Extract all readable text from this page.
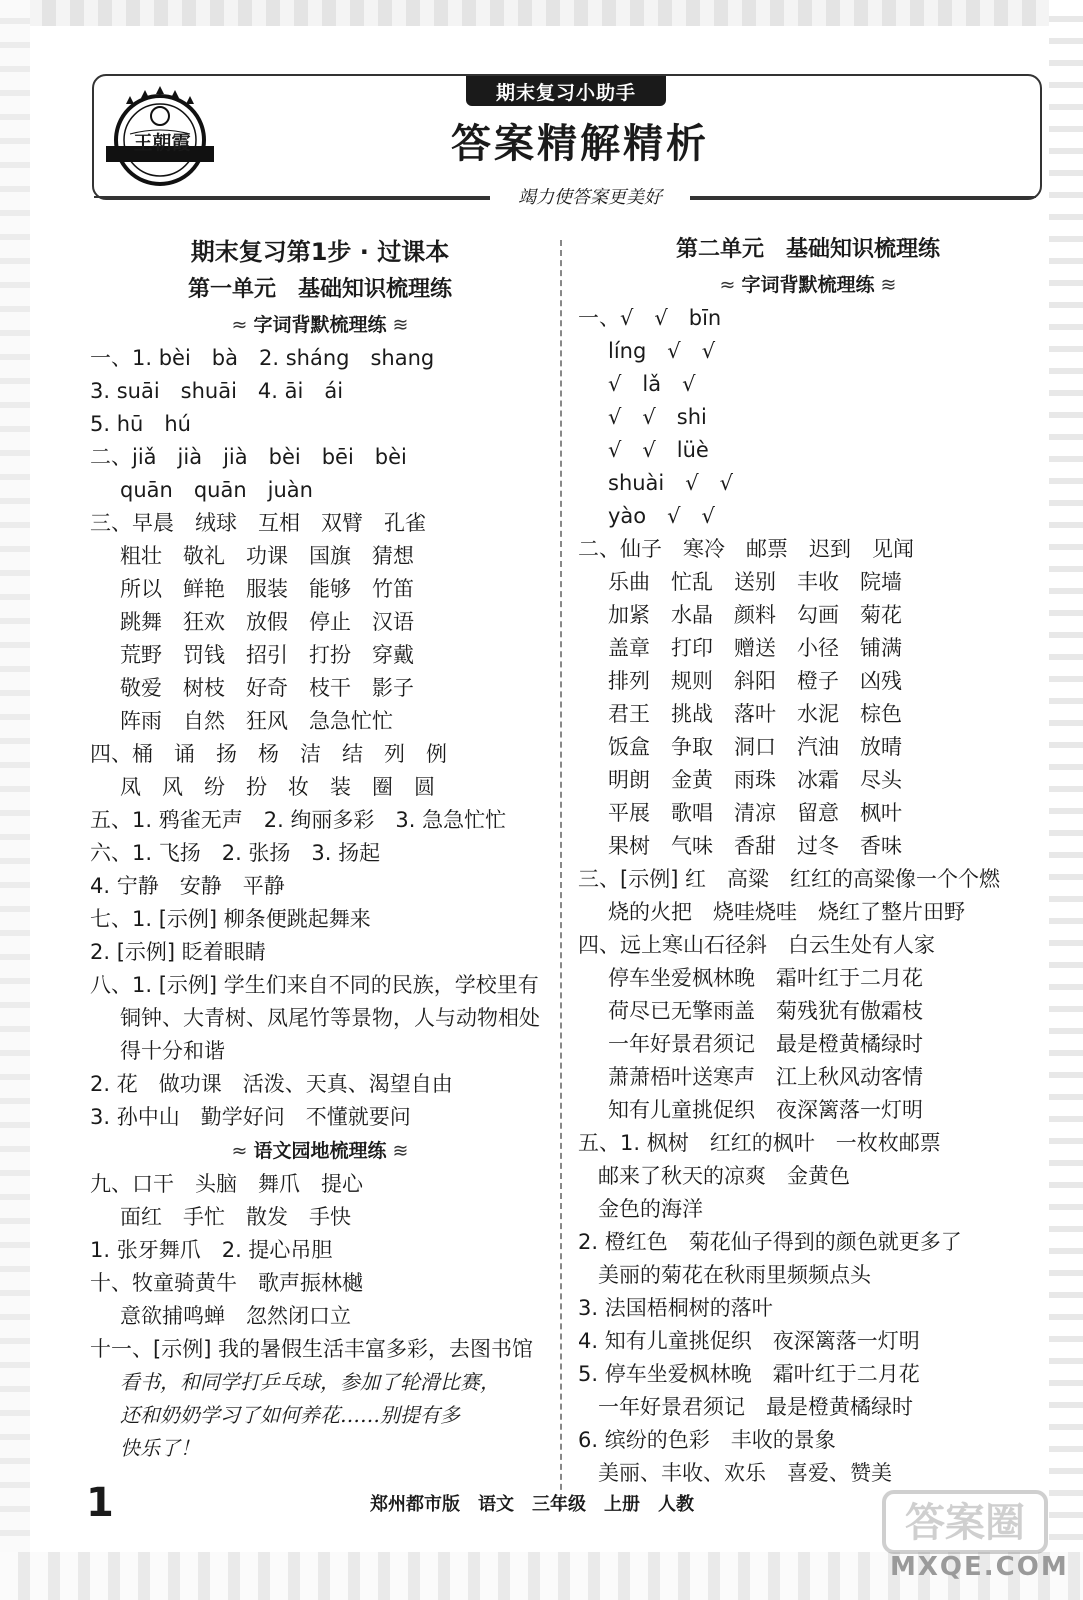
王朝霞
期末复习小助手
答案精解精析
竭力使答案更美好
期末复习第1步 · 过课本
第一单元　基础知识梳理练
≈ 字词背默梳理练 ≋
一、1. bèi　bà　2. sháng　shang
3. suāi　shuāi　4. āi　ái
5. hū　hú
二、jiǎ　jià　jià　bèi　bēi　bèi
quān　quān　juàn
三、早晨　绒球　互相　双臂　孔雀
粗壮　敬礼　功课　国旗　猜想
所以　鲜艳　服装　能够　竹笛
跳舞　狂欢　放假　停止　汉语
荒野　罚钱　招引　打扮　穿戴
敬爱　树枝　好奇　枝干　影子
阵雨　自然　狂风　急急忙忙
四、桶　诵　扬　杨　洁　结　列　例
凤　风　纷　扮　妆　装　圈　圆
五、1. 鸦雀无声　2. 绚丽多彩　3. 急急忙忙
六、1. 飞扬　2. 张扬　3. 扬起
4. 宁静　安静　平静
七、1. [示例] 柳条便跳起舞来
2. [示例] 眨着眼睛
八、1. [示例] 学生们来自不同的民族，学校里有
铜钟、大青树、凤尾竹等景物，人与动物相处
得十分和谐
2. 花　做功课　活泼、天真、渴望自由
3. 孙中山　勤学好问　不懂就要问
≈ 语文园地梳理练 ≋
九、口干　头脑　舞爪　提心
面红　手忙　散发　手快
1. 张牙舞爪　2. 提心吊胆
十、牧童骑黄牛　歌声振林樾
意欲捕鸣蝉　忽然闭口立
十一、[示例] 我的暑假生活丰富多彩，去图书馆
看书，和同学打乒乓球，参加了轮滑比赛，
还和奶奶学习了如何养花……别提有多
快乐了！
第二单元　基础知识梳理练
≈ 字词背默梳理练 ≋
一、√　√　bīn
líng　√　√
√　lǎ　√
√　√　shi
√　√　lüè
shuài　√　√
yào　√　√
二、仙子　寒冷　邮票　迟到　见闻
乐曲　忙乱　送别　丰收　院墙
加紧　水晶　颜料　勾画　菊花
盖章　打印　赠送　小径　铺满
排列　规则　斜阳　橙子　凶残
君王　挑战　落叶　水泥　棕色
饭盒　争取　洞口　汽油　放晴
明朗　金黄　雨珠　冰霜　尽头
平展　歌唱　清凉　留意　枫叶
果树　气味　香甜　过冬　香味
三、[示例] 红　高粱　红红的高粱像一个个燃
烧的火把　烧哇烧哇　烧红了整片田野
四、远上寒山石径斜　白云生处有人家
停车坐爱枫林晚　霜叶红于二月花
荷尽已无擎雨盖　菊残犹有傲霜枝
一年好景君须记　最是橙黄橘绿时
萧萧梧叶送寒声　江上秋风动客情
知有儿童挑促织　夜深篱落一灯明
五、1. 枫树　红红的枫叶　一枚枚邮票
邮来了秋天的凉爽　金黄色
金色的海洋
2. 橙红色　菊花仙子得到的颜色就更多了
美丽的菊花在秋雨里频频点头
3. 法国梧桐树的落叶
4. 知有儿童挑促织　夜深篱落一灯明
5. 停车坐爱枫林晚　霜叶红于二月花
一年好景君须记　最是橙黄橘绿时
6. 缤纷的色彩　丰收的景象
美丽、丰收、欢乐　喜爱、赞美
1	郑州都市版　语文　三年级　上册　人教	答案圈
MXQE.COM
